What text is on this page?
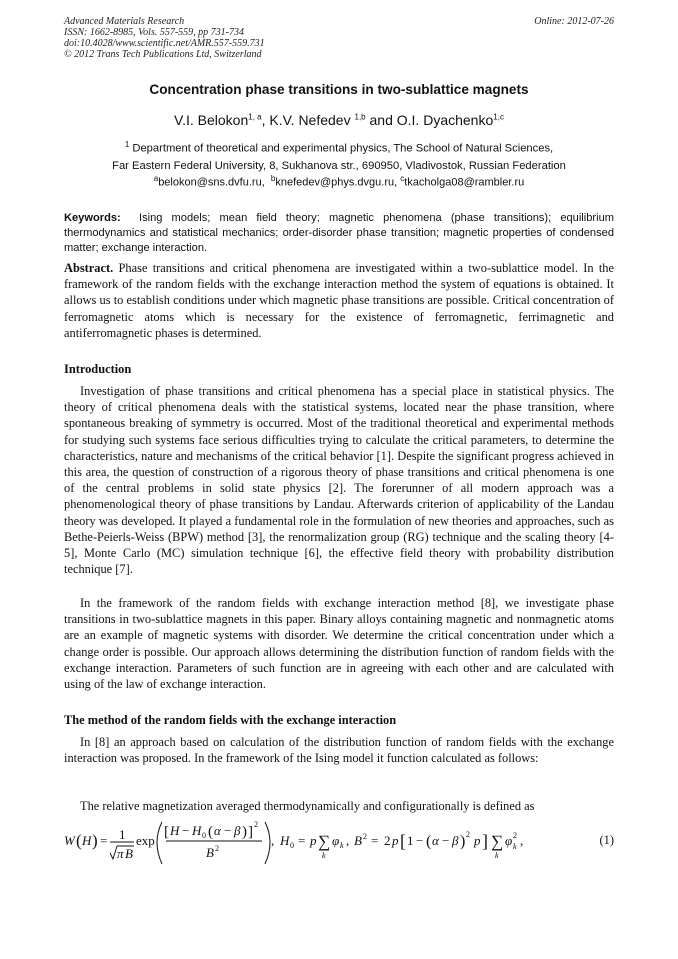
Advanced Materials Research
ISSN: 1662-8985, Vols. 557-559, pp 731-734
doi:10.4028/www.scientific.net/AMR.557-559.731
© 2012 Trans Tech Publications Ltd, Switzerland
Online: 2012-07-26
Concentration phase transitions in two-sublattice magnets
V.I. Belokon$^{1, a}$, K.V. Nefedev $^{1,b}$ and O.I. Dyachenko$^{1,c}$
$^1$ Department of theoretical and experimental physics, The School of Natural Sciences,
Far Eastern Federal University, 8, Sukhanova str., 690950, Vladivostok, Russian Federation
$^a$belokon@sns.dvfu.ru, $^b$knefedev@phys.dvgu.ru, $^c$tkacholga08@rambler.ru
Keywords: Ising models; mean field theory; magnetic phenomena (phase transitions); equilibrium thermodynamics and statistical mechanics; order-disorder phase transition; magnetic properties of condensed matter; exchange interaction.
Abstract. Phase transitions and critical phenomena are investigated within a two-sublattice model. In the framework of the random fields with the exchange interaction method the system of equations is obtained. It allows us to establish conditions under which magnetic phase transitions are possible. Critical concentration of ferromagnetic atoms which is necessary for the existence of ferromagnetic, ferrimagnetic and antiferromagnetic phases is determined.
Introduction
Investigation of phase transitions and critical phenomena has a special place in statistical physics. The theory of critical phenomena deals with the statistical systems, located near the phase transition, where spontaneous breaking of symmetry is occurred. Most of the traditional theoretical and experimental methods for studying such systems face serious difficulties trying to calculate the critical parameters, to determine the characteristics, nature and mechanisms of the critical behavior [1]. Despite the significant progress achieved in this area, the question of construction of a rigorous theory of phase transitions and critical phenomena is one of the central problems in solid state physics [2]. The forerunner of all modern approach was a phenomenological theory of phase transitions by Landau. Afterwards criterion of applicability of the Landau theory was developed. It played a fundamental role in the formulation of new theories and approaches, such as Bethe-Peierls-Weiss (BPW) method [3], the renormalization group (RG) technique and the scaling theory [4-5], Monte Carlo (MC) simulation technique [6], the effective field theory with probability distribution technique [7].
In the framework of the random fields with exchange interaction method [8], we investigate phase transitions in two-sublattice magnets in this paper. Binary alloys containing magnetic and nonmagnetic atoms are an example of magnetic systems with disorder. We determine the critical concentration under which a change order is possible. Our approach allows determining the distribution function of random fields with the exchange interaction. Parameters of such function are in agreeing with each other and are calculated with using of the law of exchange interaction.
The method of the random fields with the exchange interaction
In [8] an approach based on calculation of the distribution function of random fields with the exchange interaction was proposed. In the framework of the Ising model it function calculated as follows:
The relative magnetization averaged thermodynamically and configurationally is defined as
W ( H ) = 1
π B
exp
[ H − H 0 ( α − β ) ] 2
B 2
, H 0 = p ∑
k
φ k , B 2 = 2 p [ 1 − ( α − β ) 2 p ] ∑
k
φ 2
k ,	(1)
